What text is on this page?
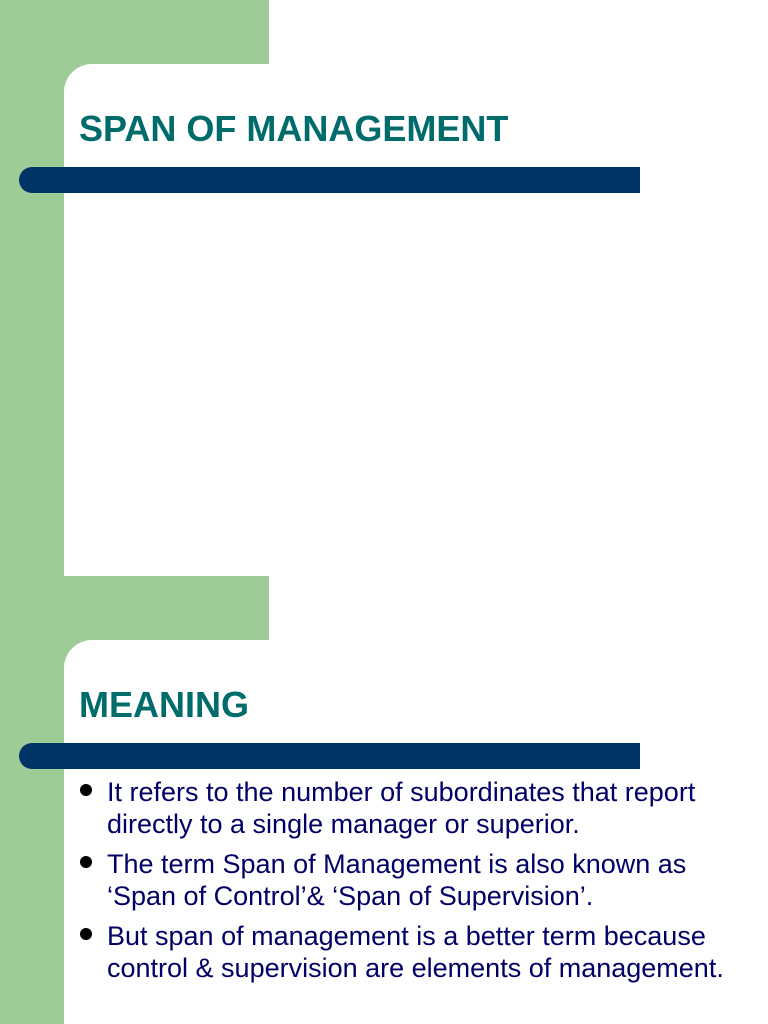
SPAN OF MANAGEMENT
MEANING
It refers to the number of subordinates that report directly to a single manager or superior.
The term Span of Management is also known as ‘Span of Control’& ‘Span of Supervision’.
But span of management is a better term because control & supervision are elements of management.
